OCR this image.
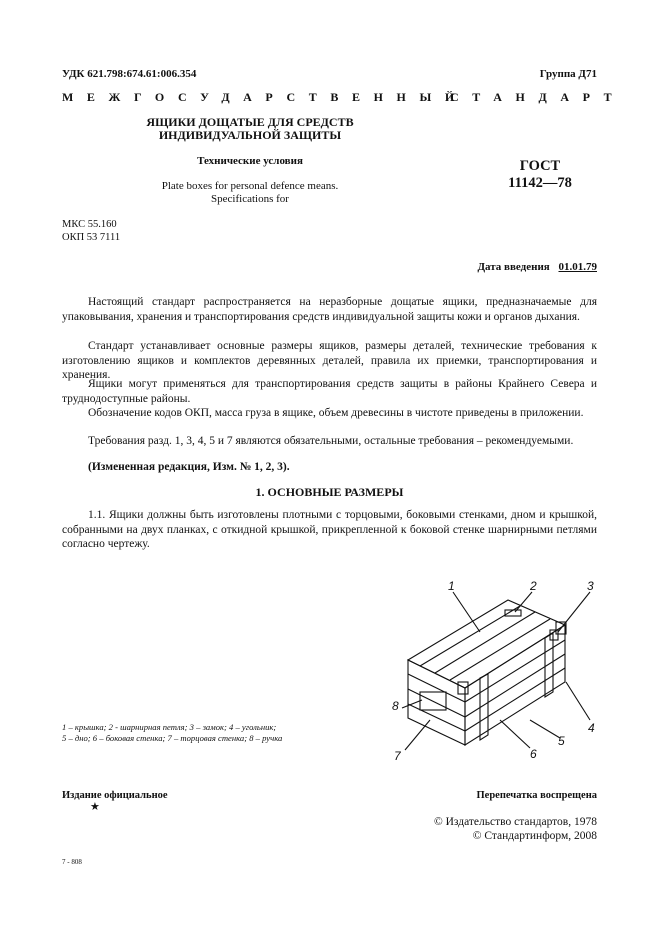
УДК 621.798:674.61:006.354	Группа Д71
МЕЖГОСУДАРСТВЕННЫЙ
СТАНДАРТ
ЯЩИКИ ДОЩАТЫЕ ДЛЯ СРЕДСТВ
ИНДИВИДУАЛЬНОЙ ЗАЩИТЫ
Технические условия
Plate boxes for personal defence means.
Specifications for
ГОСТ
11142—78
МКС 55.160
ОКП 53 7111
Дата введения 01.01.79
Настоящий стандарт распространяется на неразборные дощатые ящики, предназначаемые для упаковывания, хранения и транспортирования средств индивидуальной защиты кожи и органов дыхания.
Стандарт устанавливает основные размеры ящиков, размеры деталей, технические требования к изготовлению ящиков и комплектов деревянных деталей, правила их приемки, транспортирования и хранения.
Ящики могут применяться для транспортирования средств защиты в районы Крайнего Севера и труднодоступные районы.
Обозначение кодов ОКП, масса груза в ящике, объем древесины в чистоте приведены в приложении.
Требования разд. 1, 3, 4, 5 и 7 являются обязательными, остальные требования – рекомендуемыми.
(Измененная редакция, Изм. № 1, 2, 3).
1. ОСНОВНЫЕ РАЗМЕРЫ
1.1. Ящики должны быть изготовлены плотными с торцовыми, боковыми стенками, дном и крышкой, собранными на двух планках, с откидной крышкой, прикрепленной к боковой стенке шарнирными петлями согласно чертежу.
1 – крышка; 2 - шарнирная петля; 3 – замок; 4 – угольник;
5 – дно; 6 – боковая стенка; 7 – торцовая стенка; 8 – ручка
1	2	3
4
5
6
7
8
Издание официальное
★
Перепечатка воспрещена
© Издательство стандартов, 1978
© Стандартинформ, 2008
7 - 808
